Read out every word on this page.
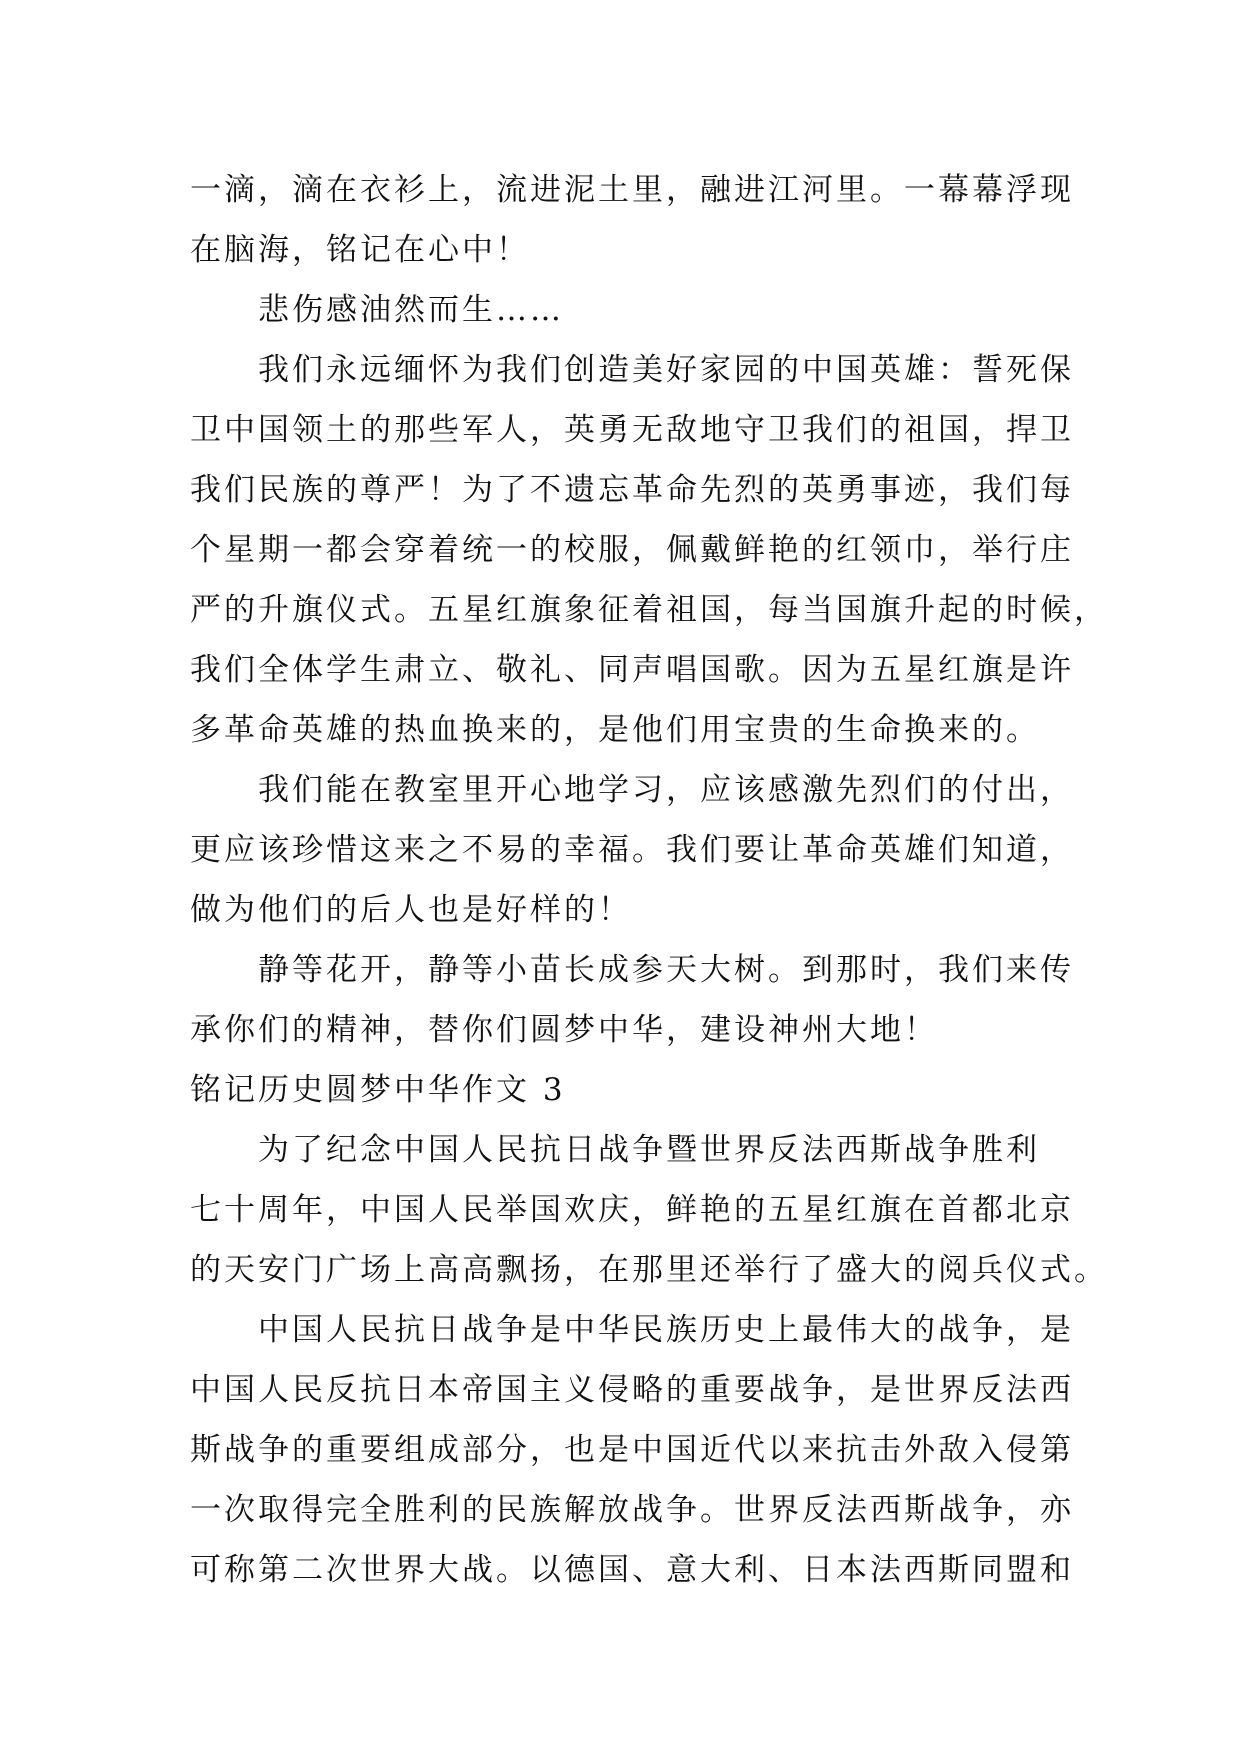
一滴，滴在衣衫上，流进泥土里，融进江河里。一幕幕浮现
在脑海，铭记在心中！
悲伤感油然而生……
我们永远缅怀为我们创造美好家园的中国英雄：誓死保
卫中国领土的那些军人，英勇无敌地守卫我们的祖国，捍卫
我们民族的尊严！为了不遗忘革命先烈的英勇事迹，我们每
个星期一都会穿着统一的校服，佩戴鲜艳的红领巾，举行庄
严的升旗仪式。五星红旗象征着祖国，每当国旗升起的时候，
我们全体学生肃立、敬礼、同声唱国歌。因为五星红旗是许
多革命英雄的热血换来的，是他们用宝贵的生命换来的。
我们能在教室里开心地学习，应该感激先烈们的付出，
更应该珍惜这来之不易的幸福。我们要让革命英雄们知道，
做为他们的后人也是好样的！
静等花开，静等小苗长成参天大树。到那时，我们来传
承你们的精神，替你们圆梦中华，建设神州大地！
铭记历史圆梦中华作文 3
为了纪念中国人民抗日战争暨世界反法西斯战争胜利
七十周年，中国人民举国欢庆，鲜艳的五星红旗在首都北京
的天安门广场上高高飘扬，在那里还举行了盛大的阅兵仪式。
中国人民抗日战争是中华民族历史上最伟大的战争，是
中国人民反抗日本帝国主义侵略的重要战争，是世界反法西
斯战争的重要组成部分，也是中国近代以来抗击外敌入侵第
一次取得完全胜利的民族解放战争。世界反法西斯战争，亦
可称第二次世界大战。以德国、意大利、日本法西斯同盟和
